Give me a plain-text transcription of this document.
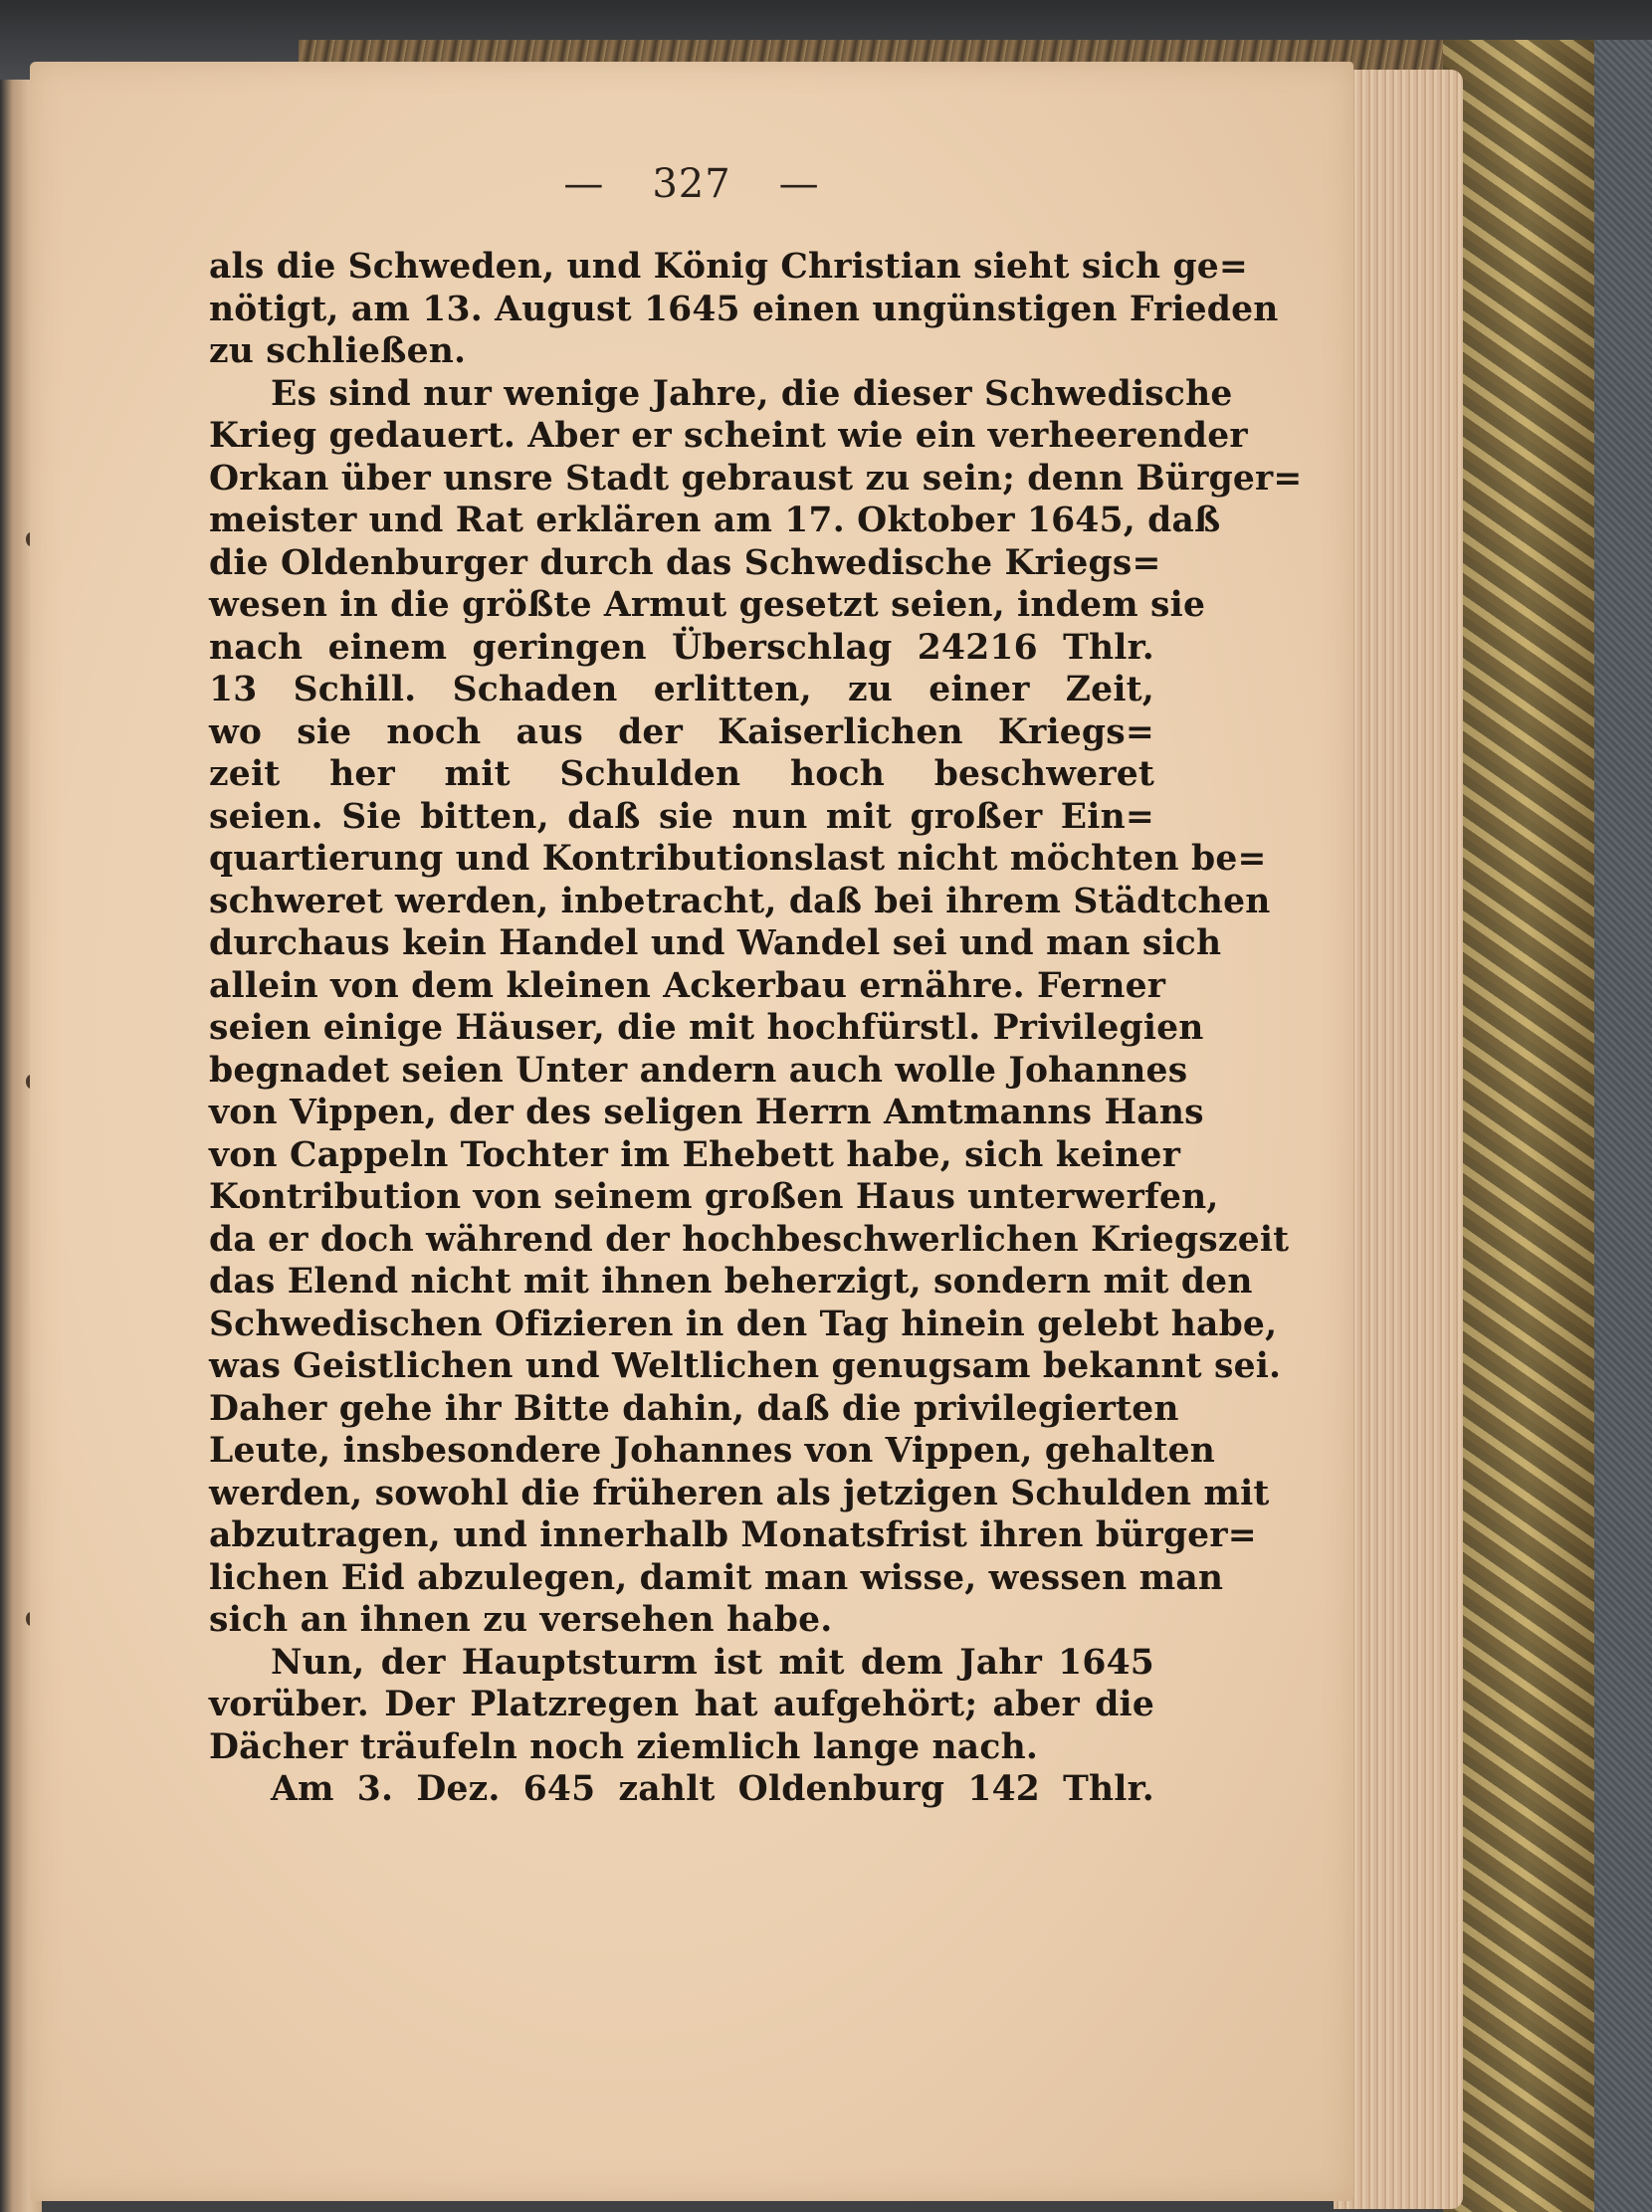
— 327 —
als die Schweden, und König Christian sieht sich ge=
nötigt, am 13. August 1645 einen ungünstigen Frieden
zu schließen.
Es sind nur wenige Jahre, die dieser Schwedische
Krieg gedauert. Aber er scheint wie ein verheerender
Orkan über unsre Stadt gebraust zu sein; denn Bürger=
meister und Rat erklären am 17. Oktober 1645, daß
die Oldenburger durch das Schwedische Kriegs=
wesen in die größte Armut gesetzt seien, indem sie
nach einem geringen Überschlag 24216 Thlr.
13 Schill. Schaden erlitten, zu einer Zeit,
wo sie noch aus der Kaiserlichen Kriegs=
zeit her mit Schulden hoch beschweret
seien. Sie bitten, daß sie nun mit großer Ein=
quartierung und Kontributionslast nicht möchten be=
schweret werden, inbetracht, daß bei ihrem Städtchen
durchaus kein Handel und Wandel sei und man sich
allein von dem kleinen Ackerbau ernähre. Ferner
seien einige Häuser, die mit hochfürstl. Privilegien
begnadet seien Unter andern auch wolle Johannes
von Vippen, der des seligen Herrn Amtmanns Hans
von Cappeln Tochter im Ehebett habe, sich keiner
Kontribution von seinem großen Haus unterwerfen,
da er doch während der hochbeschwerlichen Kriegszeit
das Elend nicht mit ihnen beherzigt, sondern mit den
Schwedischen Ofizieren in den Tag hinein gelebt habe,
was Geistlichen und Weltlichen genugsam bekannt sei.
Daher gehe ihr Bitte dahin, daß die privilegierten
Leute, insbesondere Johannes von Vippen, gehalten
werden, sowohl die früheren als jetzigen Schulden mit
abzutragen, und innerhalb Monatsfrist ihren bürger=
lichen Eid abzulegen, damit man wisse, wessen man
sich an ihnen zu versehen habe.
Nun, der Hauptsturm ist mit dem Jahr 1645
vorüber. Der Platzregen hat aufgehört; aber die
Dächer träufeln noch ziemlich lange nach.
Am 3. Dez. 645 zahlt Oldenburg 142 Thlr.
